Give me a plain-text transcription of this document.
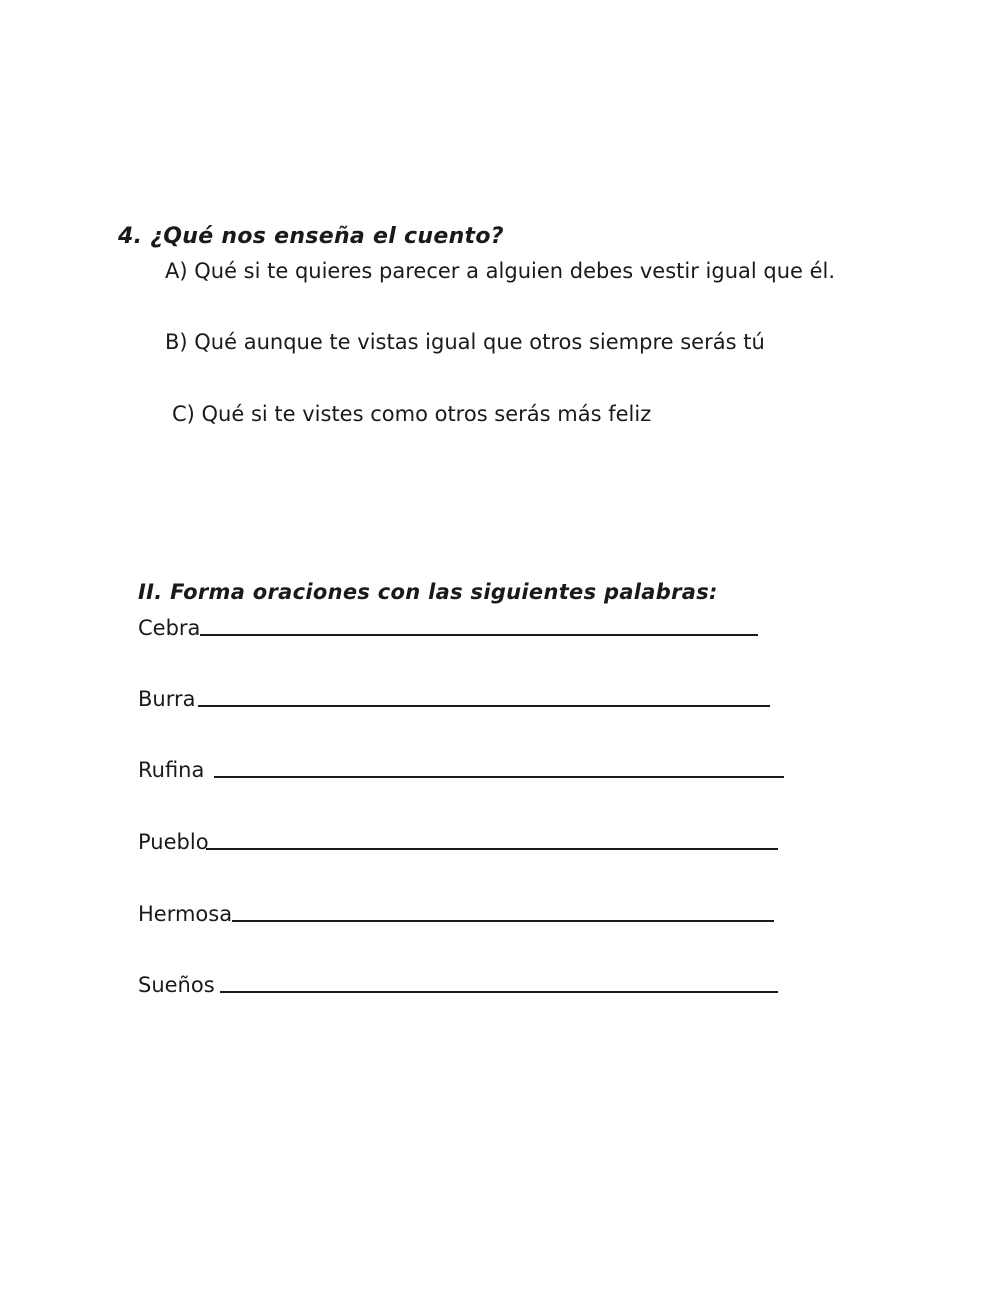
4. ¿Qué nos enseña el cuento?
A) Qué si te quieres parecer a alguien debes vestir igual que él.
B) Qué aunque te vistas igual que otros siempre serás tú
C) Qué si te vistes como otros serás más feliz
II. Forma oraciones con las siguientes palabras:
Cebra
Burra
Rufina
Pueblo
Hermosa
Sueños
